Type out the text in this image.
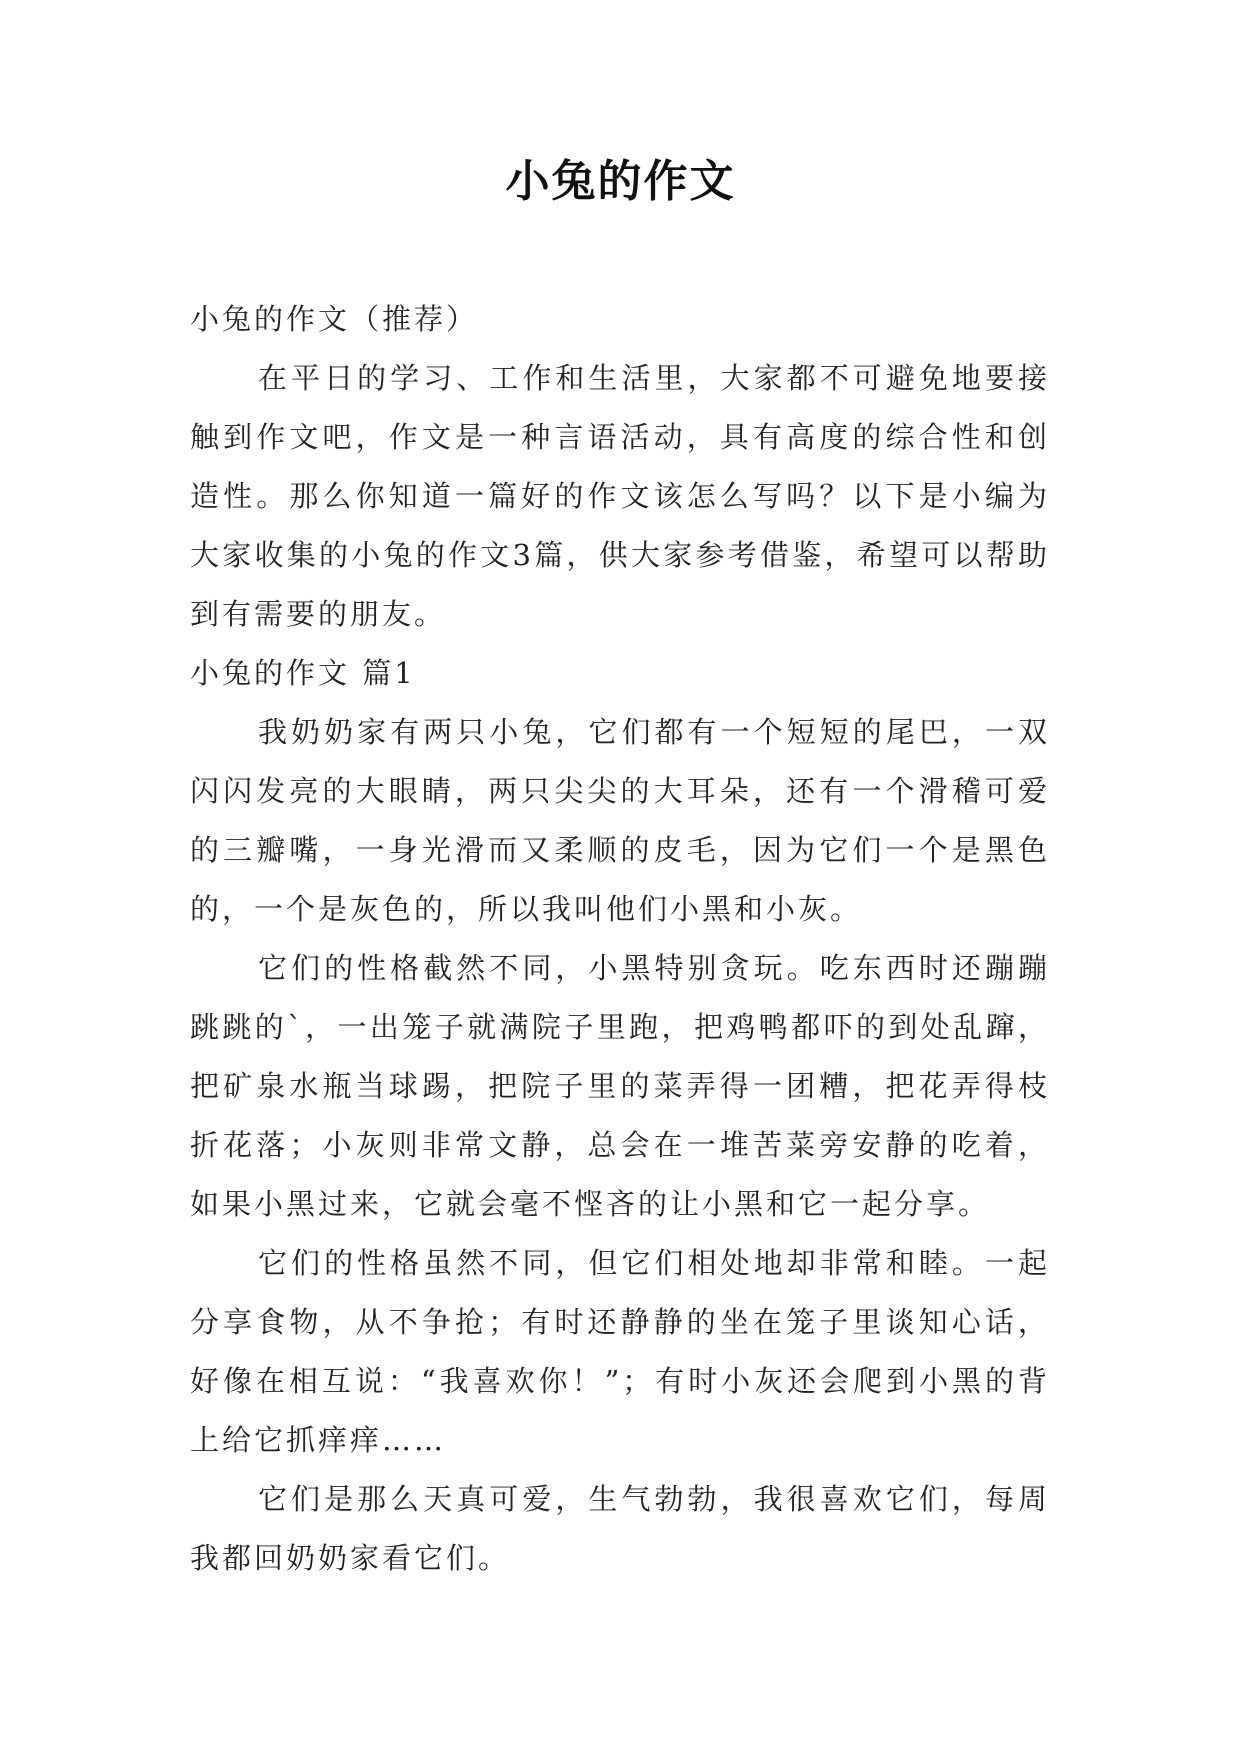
小兔的作文

小兔的作文（推荐）

在平日的学习、工作和生活里，大家都不可避免地要接触到作文吧，作文是一种言语活动，具有高度的综合性和创造性。那么你知道一篇好的作文该怎么写吗？以下是小编为大家收集的小兔的作文3篇，供大家参考借鉴，希望可以帮助到有需要的朋友。

小兔的作文 篇1

我奶奶家有两只小兔，它们都有一个短短的尾巴，一双闪闪发亮的大眼睛，两只尖尖的大耳朵，还有一个滑稽可爱的三瓣嘴，一身光滑而又柔顺的皮毛，因为它们一个是黑色的，一个是灰色的，所以我叫他们小黑和小灰。

它们的性格截然不同，小黑特别贪玩。吃东西时还蹦蹦跳跳的`，一出笼子就满院子里跑，把鸡鸭都吓的到处乱蹿，把矿泉水瓶当球踢，把院子里的菜弄得一团糟，把花弄得枝折花落；小灰则非常文静，总会在一堆苦菜旁安静的吃着，如果小黑过来，它就会毫不悭吝的让小黑和它一起分享。

它们的性格虽然不同，但它们相处地却非常和睦。一起分享食物，从不争抢；有时还静静的坐在笼子里谈知心话，好像在相互说：“我喜欢你！”；有时小灰还会爬到小黑的背上给它抓痒痒……

它们是那么天真可爱，生气勃勃，我很喜欢它们，每周我都回奶奶家看它们。
